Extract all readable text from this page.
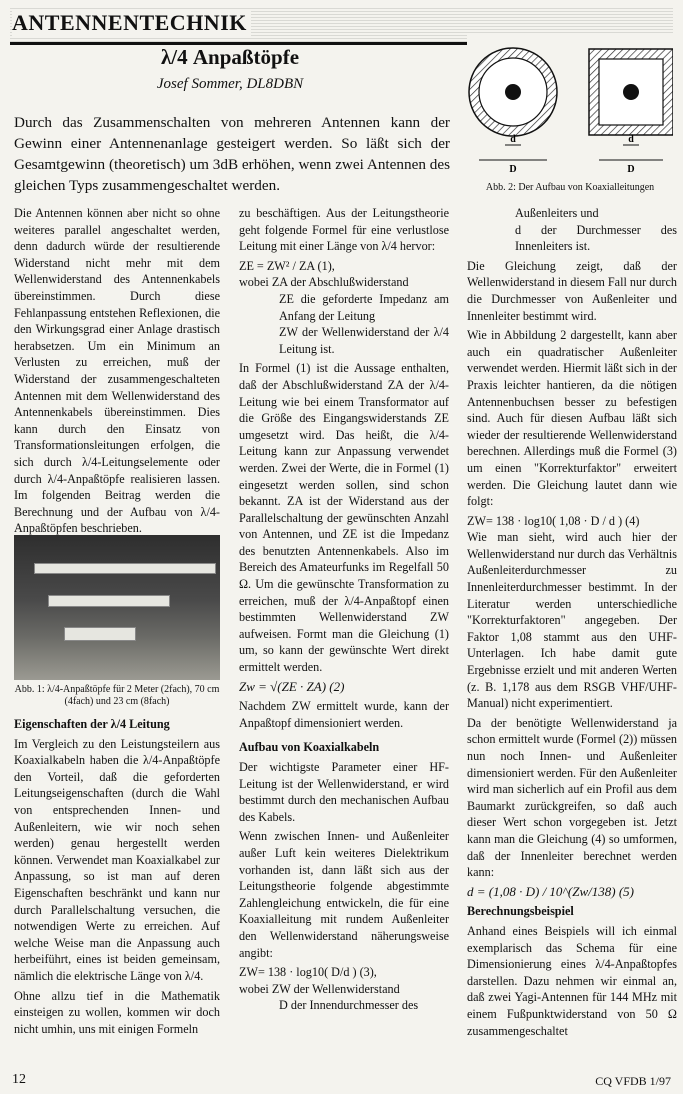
ANTENNENTECHNIK
λ/4 Anpaßtöpfe
Josef Sommer, DL8DBN
Durch das Zusammenschalten von mehreren Antennen kann der Gewinn einer Antennenanlage gesteigert werden. So läßt sich der Gesamtgewinn (theoretisch) um 3dB erhöhen, wenn zwei Antennen des gleichen Typs zusammengeschaltet werden.

Die Antennen können aber nicht so ohne weiteres parallel angeschaltet werden, denn dadurch würde der resultierende Widerstand nicht mehr mit dem Wellenwiderstand des Antennenkabels übereinstimmen. Durch diese Fehlanpassung entstehen Reflexionen, die den Wirkungsgrad einer Anlage drastisch herabsetzen. Um ein Minimum an Verlusten zu erreichen, muß der Widerstand der zusammengeschalteten Antennen mit dem Wellenwiderstand des Antennenkabels übereinstimmen. Dies kann durch den Einsatz von Transformationsleitungen erfolgen, die sich durch λ/4-Leitungselemente oder durch λ/4-Anpaßtöpfe realisieren lassen. Im folgenden Beitrag werden die Berechnung und der Aufbau von λ/4-Anpaßtöpfen beschrieben.

Abb. 1: λ/4-Anpaßtöpfe für 2 Meter (2fach), 70 cm (4fach) und 23 cm (8fach)

Eigenschaften der λ/4 Leitung

Im Vergleich zu den Leistungsteilern aus Koaxialkabeln haben die λ/4-Anpaßtöpfe den Vorteil, daß die geforderten Leitungseigenschaften (durch die Wahl von entsprechenden Innen- und Außenleitern, wie wir noch sehen werden) genau hergestellt werden können. Verwendet man Koaxialkabel zur Anpassung, so ist man auf deren Eigenschaften beschränkt und kann nur durch Parallelschaltung versuchen, die notwendigen Werte zu erreichen. Auf welche Weise man die Anpassung auch herbeiführt, eines ist beiden gemeinsam, nämlich die elektrische Länge von λ/4.

Ohne allzu tief in die Mathematik einsteigen zu wollen, kommen wir doch nicht umhin, uns mit einigen Formeln

zu beschäftigen. Aus der Leitungstheorie geht folgende Formel für eine verlustlose Leitung mit einer Länge von λ/4 hervor:

ZE = ZW² / ZA (1),

wobei ZA der Abschlußwiderstand

ZE die geforderte Impedanz am Anfang der Leitung

ZW der Wellenwiderstand der λ/4 Leitung ist.

In Formel (1) ist die Aussage enthalten, daß der Abschlußwiderstand ZA der λ/4-Leitung wie bei einem Transformator auf die Größe des Eingangswiderstands ZE umgesetzt wird. Das heißt, die λ/4- Leitung kann zur Anpassung verwendet werden. Zwei der Werte, die in Formel (1) eingesetzt werden sollen, sind schon bekannt. ZA ist der Widerstand aus der Parallelschaltung der gewünschten Anzahl von Antennen, und ZE ist die Impedanz des benutzten Antennenkabels. Also im Bereich des Amateurfunks im Regelfall 50 Ω. Um die gewünschte Transformation zu erreichen, muß der λ/4-Anpaßtopf einen bestimmten Wellenwiderstand ZW aufweisen. Formt man die Gleichung (1) um, so kann der gewünschte Wert direkt ermittelt werden.

Zw = √(ZE · ZA) (2)

Nachdem ZW ermittelt wurde, kann der Anpaßtopf dimensioniert werden.

Aufbau von Koaxialkabeln

Der wichtigste Parameter einer HF-Leitung ist der Wellenwiderstand, er wird bestimmt durch den mechanischen Aufbau des Kabels.

Wenn zwischen Innen- und Außenleiter außer Luft kein weiteres Dielektrikum vorhanden ist, dann läßt sich aus der Leitungstheorie folgende abgestimmte Zahlengleichung entwickeln, die für eine Koaxialleitung mit rundem Außenleiter den Wellenwiderstand näherungsweise angibt:

ZW= 138 · log10( D/d ) (3),

wobei ZW der Wellenwiderstand

D der Innendurchmesser des

d
D
d
D
Abb. 2: Der Aufbau von Koaxialleitungen

Außenleiters und

d der Durchmesser des Innenleiters ist.

Die Gleichung zeigt, daß der Wellenwiderstand in diesem Fall nur durch die Durchmesser von Außenleiter und Innenleiter bestimmt wird.

Wie in Abbildung 2 dargestellt, kann aber auch ein quadratischer Außenleiter verwendet werden. Hiermit läßt sich in der Praxis leichter hantieren, da die nötigen Antennenbuchsen besser zu befestigen sind. Auch für diesen Aufbau läßt sich wieder der resultierende Wellenwiderstand berechnen. Allerdings muß die Formel (3) um einen "Korrekturfaktor" erweitert werden. Die Gleichung lautet dann wie folgt:

ZW= 138 · log10( 1,08 · D / d ) (4)

Wie man sieht, wird auch hier der Wellenwiderstand nur durch das Verhältnis Außenleiterdurchmesser zu Innenleiterdurchmesser bestimmt. In der Literatur werden unterschiedliche "Korrekturfaktoren" angegeben. Der Faktor 1,08 stammt aus den UHF-Unterlagen. Ich habe damit gute Ergebnisse erzielt und mit anderen Werten (z. B. 1,178 aus dem RSGB VHF/UHF-Manual) nicht experimentiert.

Da der benötigte Wellenwiderstand ja schon ermittelt wurde (Formel (2)) müssen nun noch Innen- und Außenleiter dimensioniert werden. Für den Außenleiter wird man sicherlich auf ein Profil aus dem Baumarkt zurückgreifen, so daß auch dieser Wert schon vorgegeben ist. Jetzt kann man die Gleichung (4) so umformen, daß der Innenleiter berechnet werden kann:

d = (1,08 · D) / 10^(Zw/138) (5)

Berechnungsbeispiel

Anhand eines Beispiels will ich einmal exemplarisch das Schema für eine Dimensionierung eines λ/4-Anpaßtopfes darstellen. Dazu nehmen wir einmal an, daß zwei Yagi-Antennen für 144 MHz mit einem Fußpunktwiderstand von 50 Ω zusammengeschaltet

12	CQ VFDB 1/97
